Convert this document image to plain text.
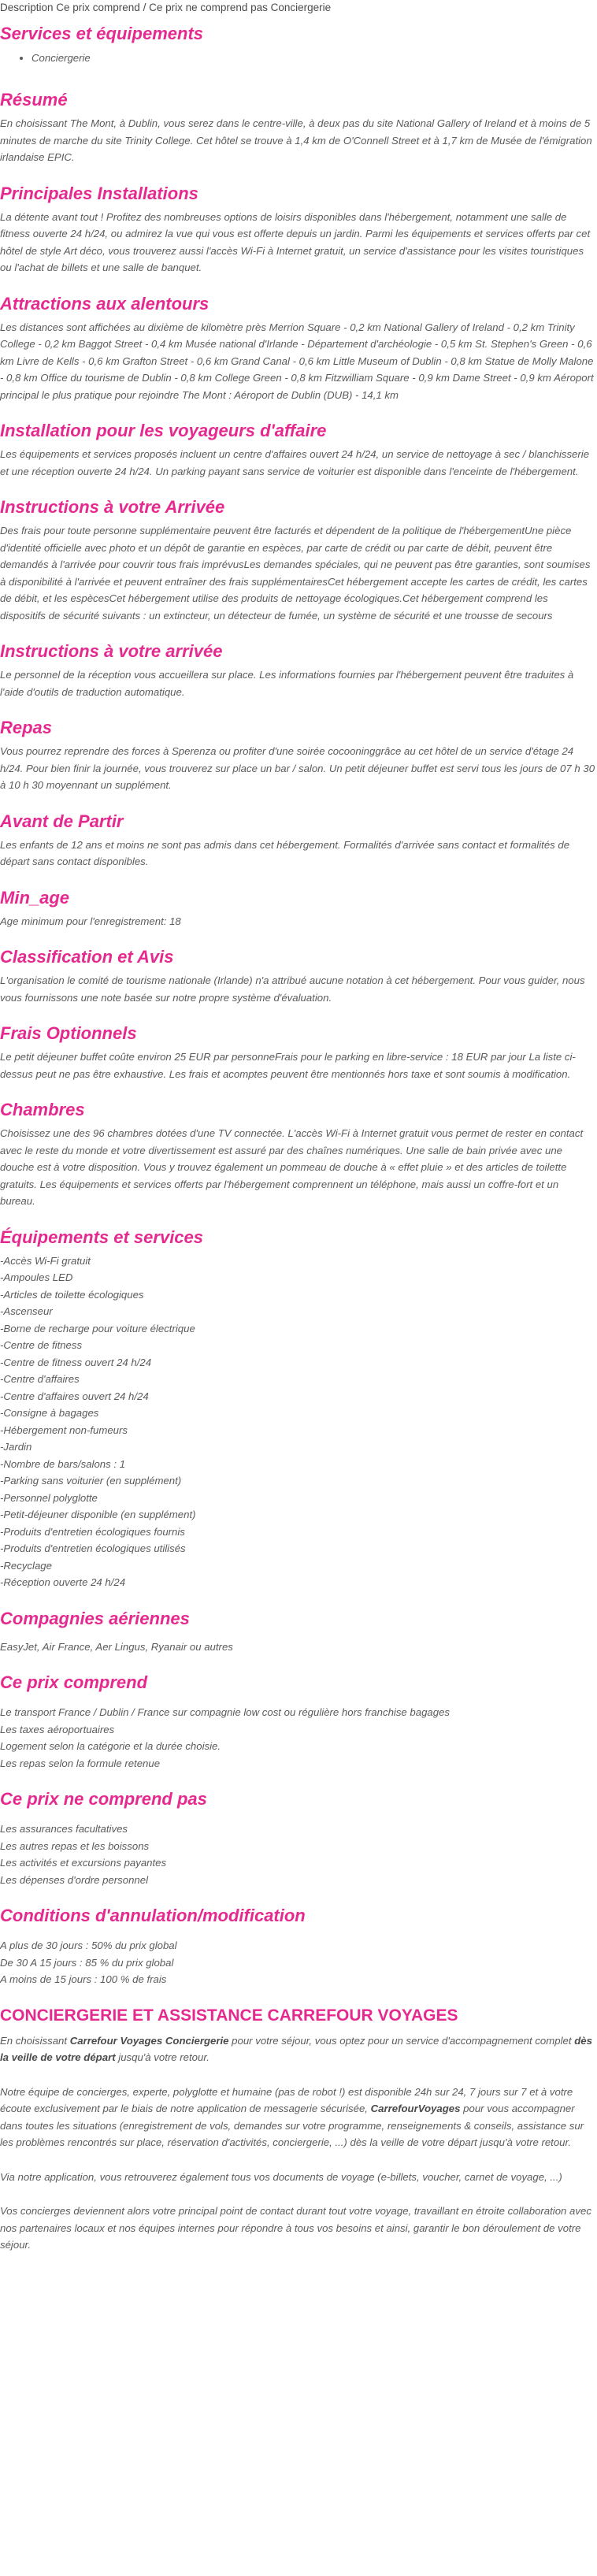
Description Ce prix comprend / Ce prix ne comprend pas Conciergerie

Services et équipements
• Conciergerie
Résumé

En choisissant The Mont, à Dublin, vous serez dans le centre-ville, à deux pas du site National Gallery of Ireland et à moins de 5 minutes de marche du site Trinity College. Cet hôtel se trouve à 1,4 km de O'Connell Street et à 1,7 km de Musée de l'émigration irlandaise EPIC.

Principales Installations

La détente avant tout ! Profitez des nombreuses options de loisirs disponibles dans l'hébergement, notamment une salle de fitness ouverte 24 h/24, ou admirez la vue qui vous est offerte depuis un jardin. Parmi les équipements et services offerts par cet hôtel de style Art déco, vous trouverez aussi l'accès Wi-Fi à Internet gratuit, un service d'assistance pour les visites touristiques ou l'achat de billets et une salle de banquet.

Attractions aux alentours

Les distances sont affichées au dixième de kilomètre près Merrion Square - 0,2 km National Gallery of Ireland - 0,2 km Trinity College - 0,2 km Baggot Street - 0,4 km Musée national d'Irlande - Département d'archéologie - 0,5 km St. Stephen's Green - 0,6 km Livre de Kells - 0,6 km Grafton Street - 0,6 km Grand Canal - 0,6 km Little Museum of Dublin - 0,8 km Statue de Molly Malone - 0,8 km Office du tourisme de Dublin - 0,8 km College Green - 0,8 km Fitzwilliam Square - 0,9 km Dame Street - 0,9 km Aéroport principal le plus pratique pour rejoindre The Mont : Aéroport de Dublin (DUB) - 14,1 km

Installation pour les voyageurs d'affaire

Les équipements et services proposés incluent un centre d'affaires ouvert 24 h/24, un service de nettoyage à sec / blanchisserie et une réception ouverte 24 h/24. Un parking payant sans service de voiturier est disponible dans l'enceinte de l'hébergement.

Instructions à votre Arrivée

Des frais pour toute personne supplémentaire peuvent être facturés et dépendent de la politique de l'hébergementUne pièce d'identité officielle avec photo et un dépôt de garantie en espèces, par carte de crédit ou par carte de débit, peuvent être demandés à l'arrivée pour couvrir tous frais imprévusLes demandes spéciales, qui ne peuvent pas être garanties, sont soumises à disponibilité à l'arrivée et peuvent entraîner des frais supplémentairesCet hébergement accepte les cartes de crédit, les cartes de débit, et les espècesCet hébergement utilise des produits de nettoyage écologiques.Cet hébergement comprend les dispositifs de sécurité suivants : un extincteur, un détecteur de fumée, un système de sécurité et une trousse de secours

Instructions à votre arrivée

Le personnel de la réception vous accueillera sur place. Les informations fournies par l'hébergement peuvent être traduites à l'aide d'outils de traduction automatique.

Repas

Vous pourrez reprendre des forces à Sperenza ou profiter d'une soirée cocooninggrâce au cet hôtel de un service d'étage 24 h/24. Pour bien finir la journée, vous trouverez sur place un bar / salon. Un petit déjeuner buffet est servi tous les jours de 07 h 30 à 10 h 30 moyennant un supplément.

Avant de Partir

Les enfants de 12 ans et moins ne sont pas admis dans cet hébergement. Formalités d'arrivée sans contact et formalités de départ sans contact disponibles.

Min_age

Age minimum pour l'enregistrement: 18

Classification et Avis

L'organisation le comité de tourisme nationale (Irlande) n'a attribué aucune notation à cet hébergement. Pour vous guider, nous vous fournissons une note basée sur notre propre système d'évaluation.

Frais Optionnels

Le petit déjeuner buffet coûte environ 25 EUR par personneFrais pour le parking en libre-service : 18 EUR par jour La liste ci-dessus peut ne pas être exhaustive. Les frais et acomptes peuvent être mentionnés hors taxe et sont soumis à modification.

Chambres

Choisissez une des 96 chambres dotées d'une TV connectée. L'accès Wi-Fi à Internet gratuit vous permet de rester en contact avec le reste du monde et votre divertissement est assuré par des chaînes numériques. Une salle de bain privée avec une douche est à votre disposition. Vous y trouvez également un pommeau de douche à « effet pluie » et des articles de toilette gratuits. Les équipements et services offerts par l'hébergement comprennent un téléphone, mais aussi un coffre-fort et un bureau.

Équipements et services
-Accès Wi-Fi gratuit
-Ampoules LED
-Articles de toilette écologiques
-Ascenseur
-Borne de recharge pour voiture électrique
-Centre de fitness
-Centre de fitness ouvert 24 h/24
-Centre d'affaires
-Centre d'affaires ouvert 24 h/24
-Consigne à bagages
-Hébergement non-fumeurs
-Jardin
-Nombre de bars/salons : 1
-Parking sans voiturier (en supplément)
-Personnel polyglotte
-Petit-déjeuner disponible (en supplément)
-Produits d'entretien écologiques fournis
-Produits d'entretien écologiques utilisés
-Recyclage
-Réception ouverte 24 h/24
Compagnies aériennes

EasyJet, Air France, Aer Lingus, Ryanair ou autres

Ce prix comprend
Le transport France / Dublin / France sur compagnie low cost ou régulière hors franchise bagages
Les taxes aéroportuaires
Logement selon la catégorie et la durée choisie.
Les repas selon la formule retenue
Ce prix ne comprend pas
Les assurances facultatives
Les autres repas et les boissons
Les activités et excursions payantes
Les dépenses d'ordre personnel
Conditions d'annulation/modification
A plus de 30 jours : 50% du prix global
De 30 A 15 jours : 85 % du prix global
A moins de 15 jours : 100 % de frais
CONCIERGERIE ET ASSISTANCE CARREFOUR VOYAGES

En choisissant Carrefour Voyages Conciergerie pour votre séjour, vous optez pour un service d'accompagnement complet dès la veille de votre départ jusqu'à votre retour.

Notre équipe de concierges, experte, polyglotte et humaine (pas de robot !) est disponible 24h sur 24, 7 jours sur 7 et à votre écoute exclusivement par le biais de notre application de messagerie sécurisée, CarrefourVoyages pour vous accompagner dans toutes les situations (enregistrement de vols, demandes sur votre programme, renseignements & conseils, assistance sur les problèmes rencontrés sur place, réservation d'activités, conciergerie, ...) dès la veille de votre départ jusqu'à votre retour.

Via notre application, vous retrouverez également tous vos documents de voyage (e-billets, voucher, carnet de voyage, ...)

Vos concierges deviennent alors votre principal point de contact durant tout votre voyage, travaillant en étroite collaboration avec nos partenaires locaux et nos équipes internes pour répondre à tous vos besoins et ainsi, garantir le bon déroulement de votre séjour.
